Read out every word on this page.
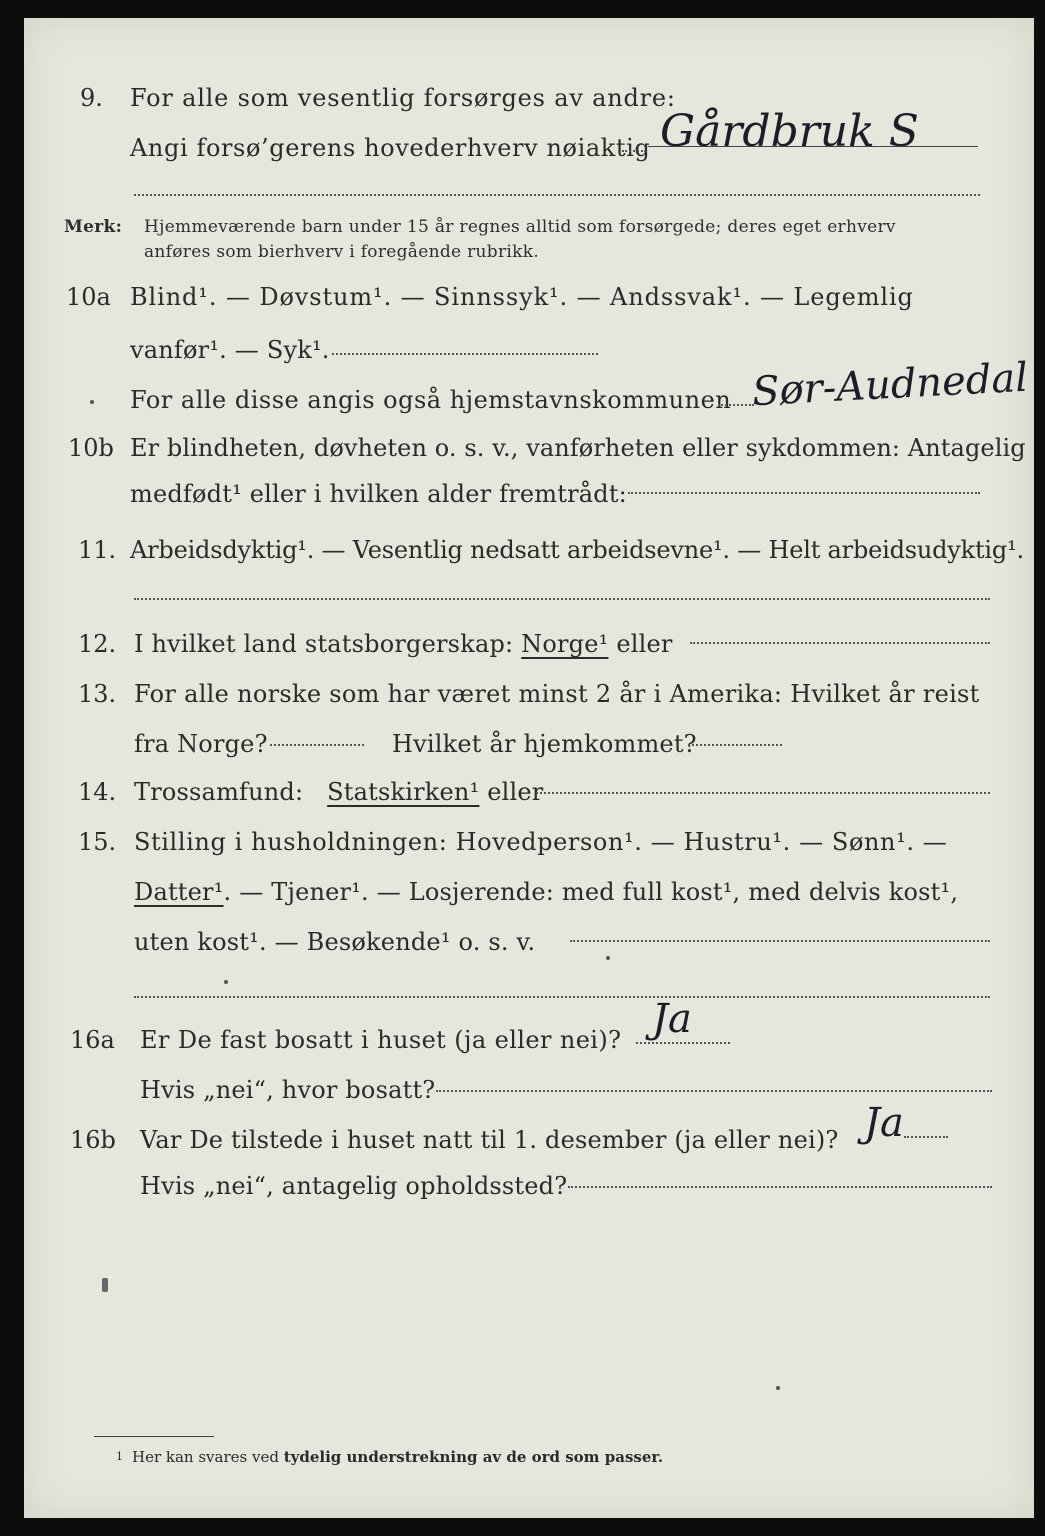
9. For alle som vesentlig forsørges av andre:
Angi forsø’gerens hovederhverv nøiaktig Gårdbruk S
Merk: Hjemmeværende barn under 15 år regnes alltid som forsørgede; deres eget erhverv
anføres som bierhverv i foregående rubrikk.
10a Blind¹. — Døvstum¹. — Sinnssyk¹. — Andssvak¹. — Legemlig
vanfør¹. — Syk¹.
For alle disse angis også hjemstavnskommunen Sør-Audnedal
10b Er blindheten, døvheten o. s. v., vanførheten eller sykdommen: Antagelig
medfødt¹ eller i hvilken alder fremtrådt:
11. Arbeidsdyktig¹. — Vesentlig nedsatt arbeidsevne¹. — Helt arbeidsudyktig¹.
12. I hvilket land statsborgerskap: Norge¹ eller
13. For alle norske som har været minst 2 år i Amerika: Hvilket år reist
fra Norge?	Hvilket år hjemkommet?
14. Trossamfund: Statskirken¹ eller
15. Stilling i husholdningen: Hovedperson¹. — Hustru¹. — Sønn¹. —
Datter¹. — Tjener¹. — Losjerende: med full kost¹, med delvis kost¹,
uten kost¹. — Besøkende¹ o. s. v.
16a Er De fast bosatt i huset (ja eller nei)? Ja
Hvis „nei“, hvor bosatt?
16b Var De tilstede i huset natt til 1. desember (ja eller nei)? Ja
Hvis „nei“, antagelig opholdssted?
1 Her kan svares ved tydelig understrekning av de ord som passer.
